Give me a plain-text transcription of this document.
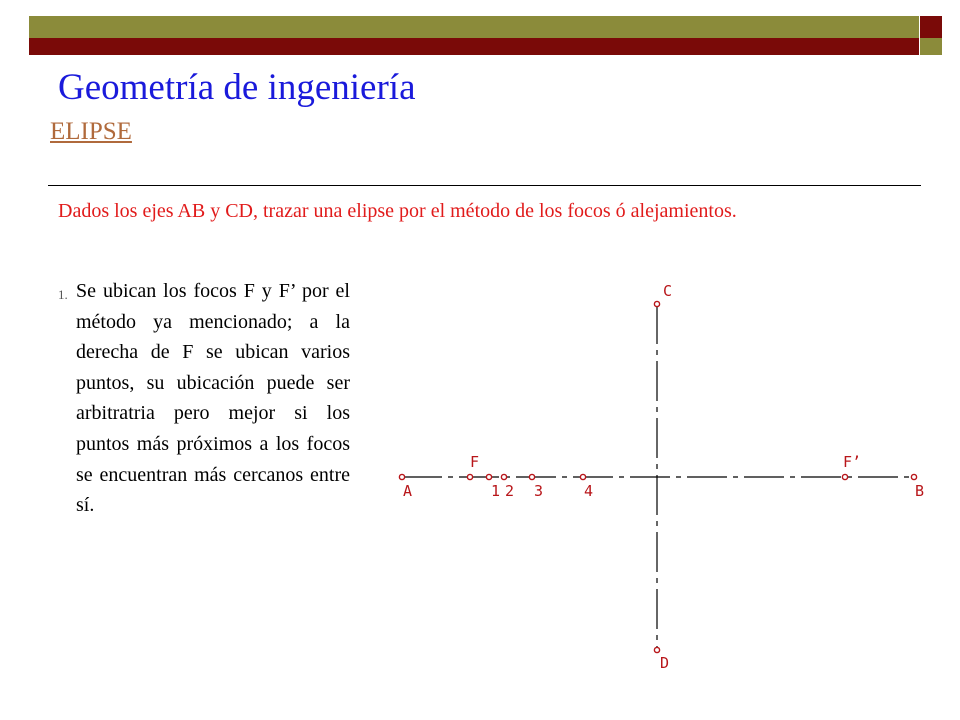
Geometría de ingeniería
ELIPSE
Dados los ejes AB y CD, trazar una elipse por el método de los focos ó alejamientos.
1. Se ubican los focos F y F’ por el método ya mencionado; a la derecha de F se ubican varios puntos, su ubicación puede ser arbitratria pero mejor si los puntos más próximos a los focos se encuentran más cercanos entre sí.
A
F
1 2 3	4
F’
B
C
D
